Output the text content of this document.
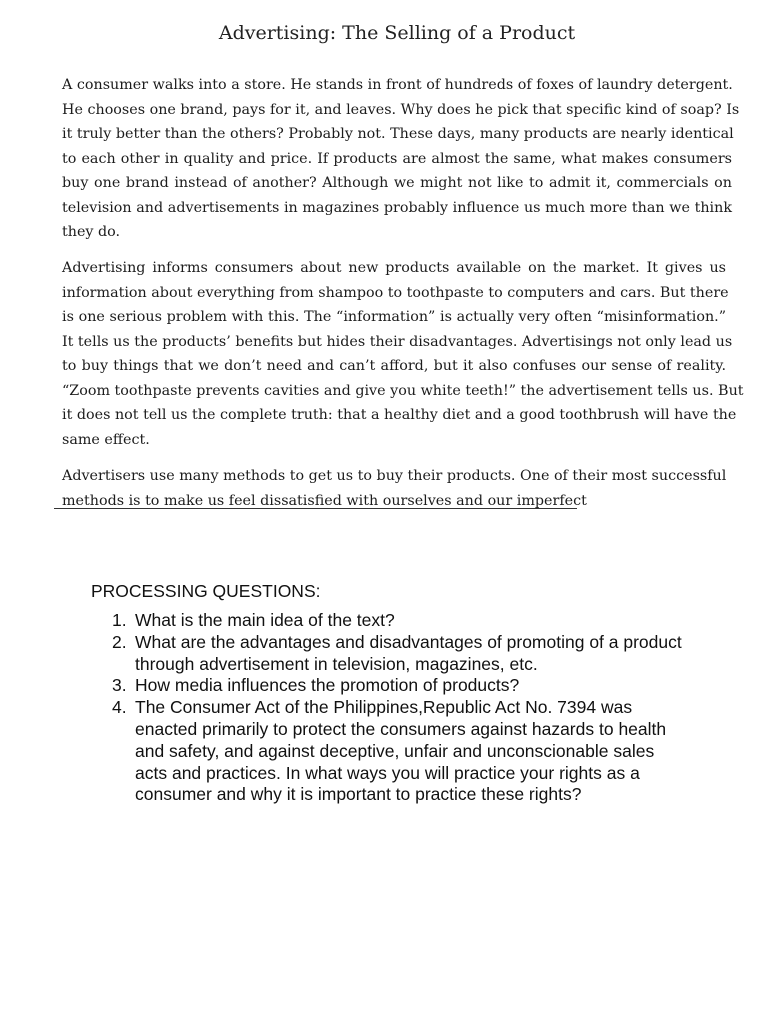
Advertising: The Selling of a Product

A consumer walks into a store. He stands in front of hundreds of foxes of laundry detergent.
He chooses one brand, pays for it, and leaves. Why does he pick that specific kind of soap? Is
it truly better than the others? Probably not. These days, many products are nearly identical
to each other in quality and price. If products are almost the same, what makes consumers
buy one brand instead of another? Although we might not like to admit it, commercials on
television and advertisements in magazines probably influence us much more than we think
they do.

Advertising informs consumers about new products available on the market. It gives us
information about everything from shampoo to toothpaste to computers and cars. But there
is one serious problem with this. The “information” is actually very often “misinformation.”
It tells us the products’ benefits but hides their disadvantages. Advertisings not only lead us
to buy things that we don’t need and can’t afford, but it also confuses our sense of reality.
“Zoom toothpaste prevents cavities and give you white teeth!” the advertisement tells us. But
it does not tell us the complete truth: that a healthy diet and a good toothbrush will have the
same effect.

Advertisers use many methods to get us to buy their products. One of their most successful
methods is to make us feel dissatisfied with ourselves and our imperfect

PROCESSING QUESTIONS:
1. What is the main idea of the text?
2. What are the advantages and disadvantages of promoting of a product through advertisement in television, magazines, etc.
3. How media influences the promotion of products?
4. The Consumer Act of the Philippines,Republic Act No. 7394 was enacted primarily to protect the consumers against hazards to health and safety, and against deceptive, unfair and unconscionable sales acts and practices. In what ways you will practice your rights as a consumer and why it is important to practice these rights?
